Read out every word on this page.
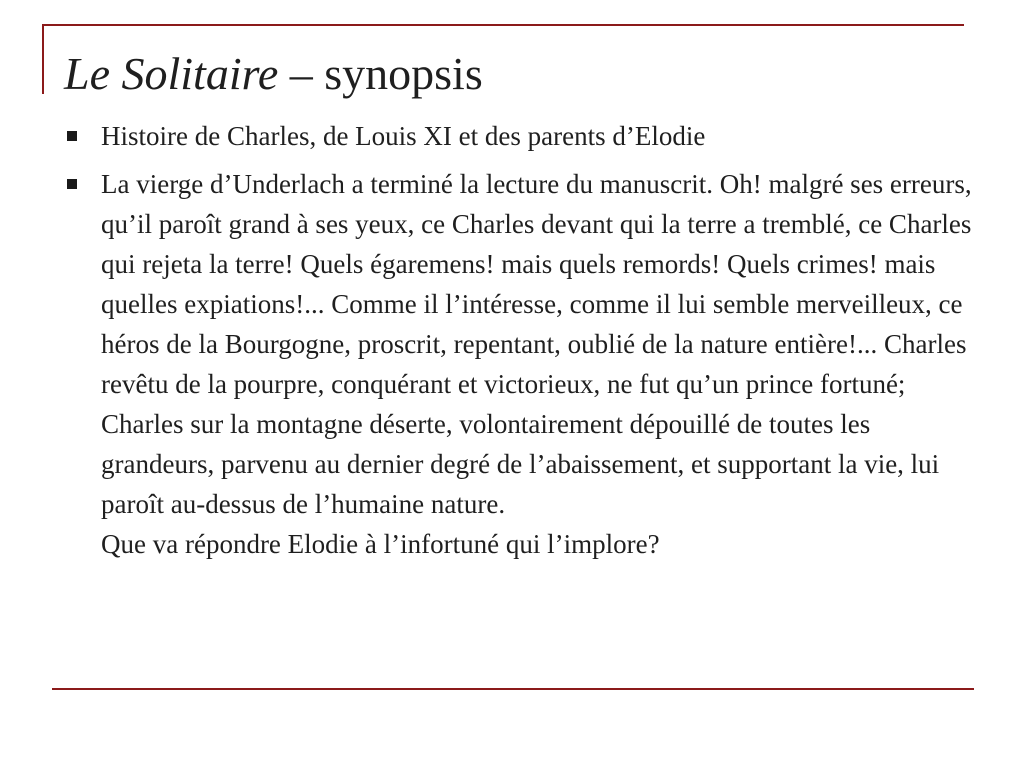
Le Solitaire – synopsis
Histoire de Charles, de Louis XI et des parents d’Elodie
La vierge d’Underlach a terminé la lecture du manuscrit. Oh! malgré ses erreurs, qu’il paroît grand à ses yeux, ce Charles devant qui la terre a tremblé, ce Charles qui rejeta la terre! Quels égaremens! mais quels remords! Quels crimes! mais quelles expiations!... Comme il l’intéresse, comme il lui semble merveilleux, ce héros de la Bourgogne, proscrit, repentant, oublié de la nature entière!... Charles revêtu de la pourpre, conquérant et victorieux, ne fut qu’un prince fortuné; Charles sur la montagne déserte, volontairement dépouillé de toutes les grandeurs, parvenu au dernier degré de l’abaissement, et supportant la vie, lui paroît au-dessus de l’humaine nature.
Que va répondre Elodie à l’infortuné qui l’implore?
